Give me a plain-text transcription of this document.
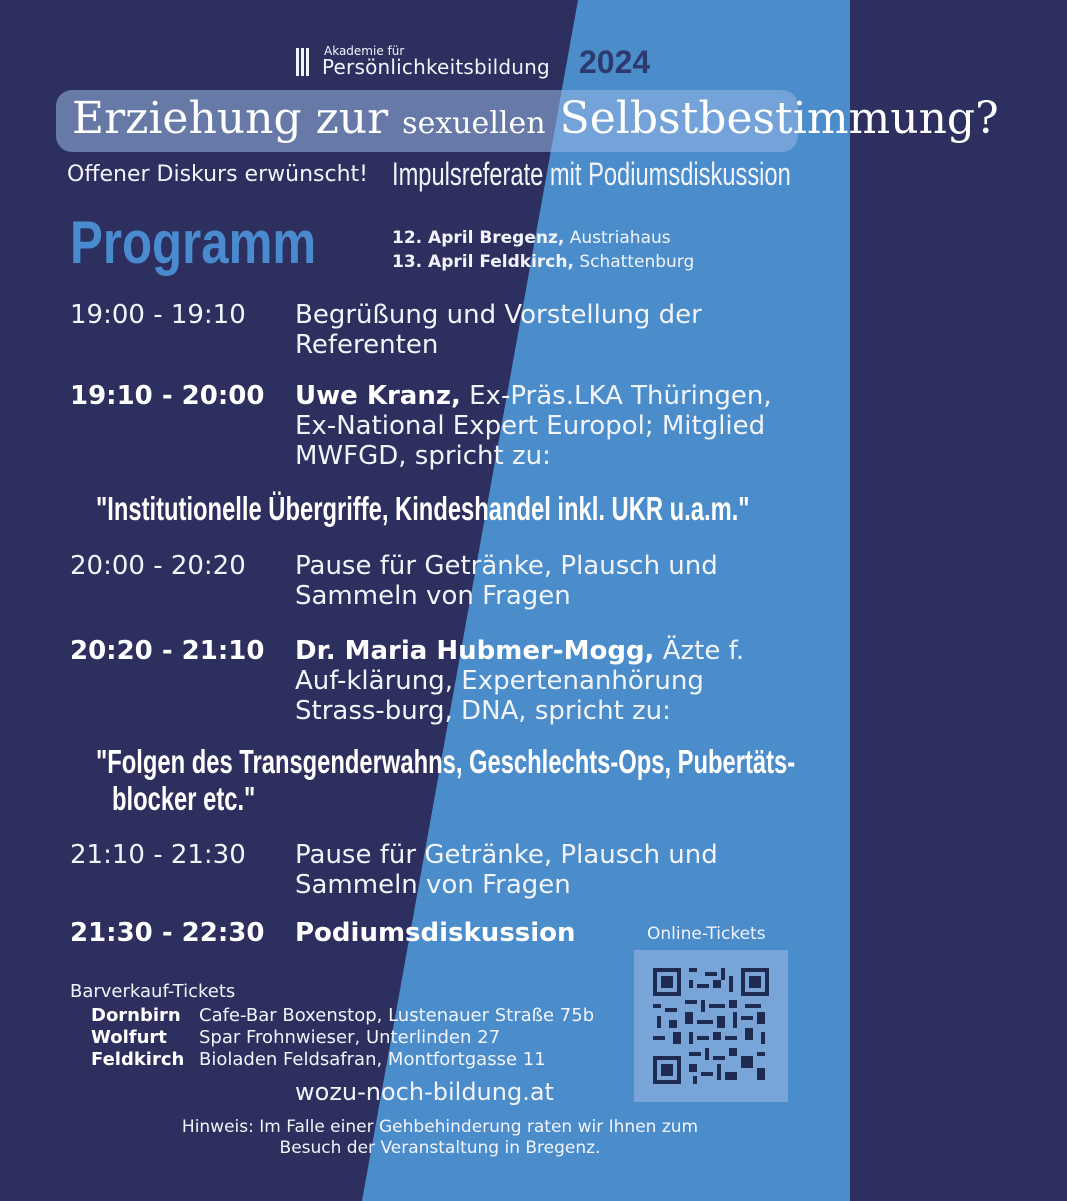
Akademie für
Persönlichkeitsbildung 2024
Erziehung zur sexuellen Selbstbestimmung?
Offener Diskurs erwünscht! Impulsreferate mit Podiumsdiskussion
Programm	12. April Bregenz, Austriahaus
13. April Feldkirch, Schattenburg
19:00 - 19:10 Begrüßung und Vorstellung der Referenten
19:10 - 20:00 Uwe Kranz, Ex-Präs.LKA Thüringen, Ex-National Expert Europol; Mitglied MWFGD, spricht zu:
"Institutionelle Übergriffe, Kindeshandel inkl. UKR u.a.m."
20:00 - 20:20 Pause für Getränke, Plausch und Sammeln von Fragen
20:20 - 21:10 Dr. Maria Hubmer-Mogg, Äzte f. Auf-klärung, Expertenanhörung Strass-burg, DNA, spricht zu:
"Folgen des Transgenderwahns, Geschlechts-Ops, Pubertäts-
blocker etc."
21:10 - 21:30 Pause für Getränke, Plausch und Sammeln von Fragen
21:30 - 22:30 Podiumsdiskussion	Online-Tickets
Barverkauf-Tickets
Dornbirn Cafe-Bar Boxenstop, Lustenauer Straße 75b
Wolfurt Spar Frohnwieser, Unterlinden 27
Feldkirch Bioladen Feldsafran, Montfortgasse 11
wozu-noch-bildung.at
Hinweis: Im Falle einer Gehbehinderung raten wir Ihnen zum Besuch der Veranstaltung in Bregenz.
